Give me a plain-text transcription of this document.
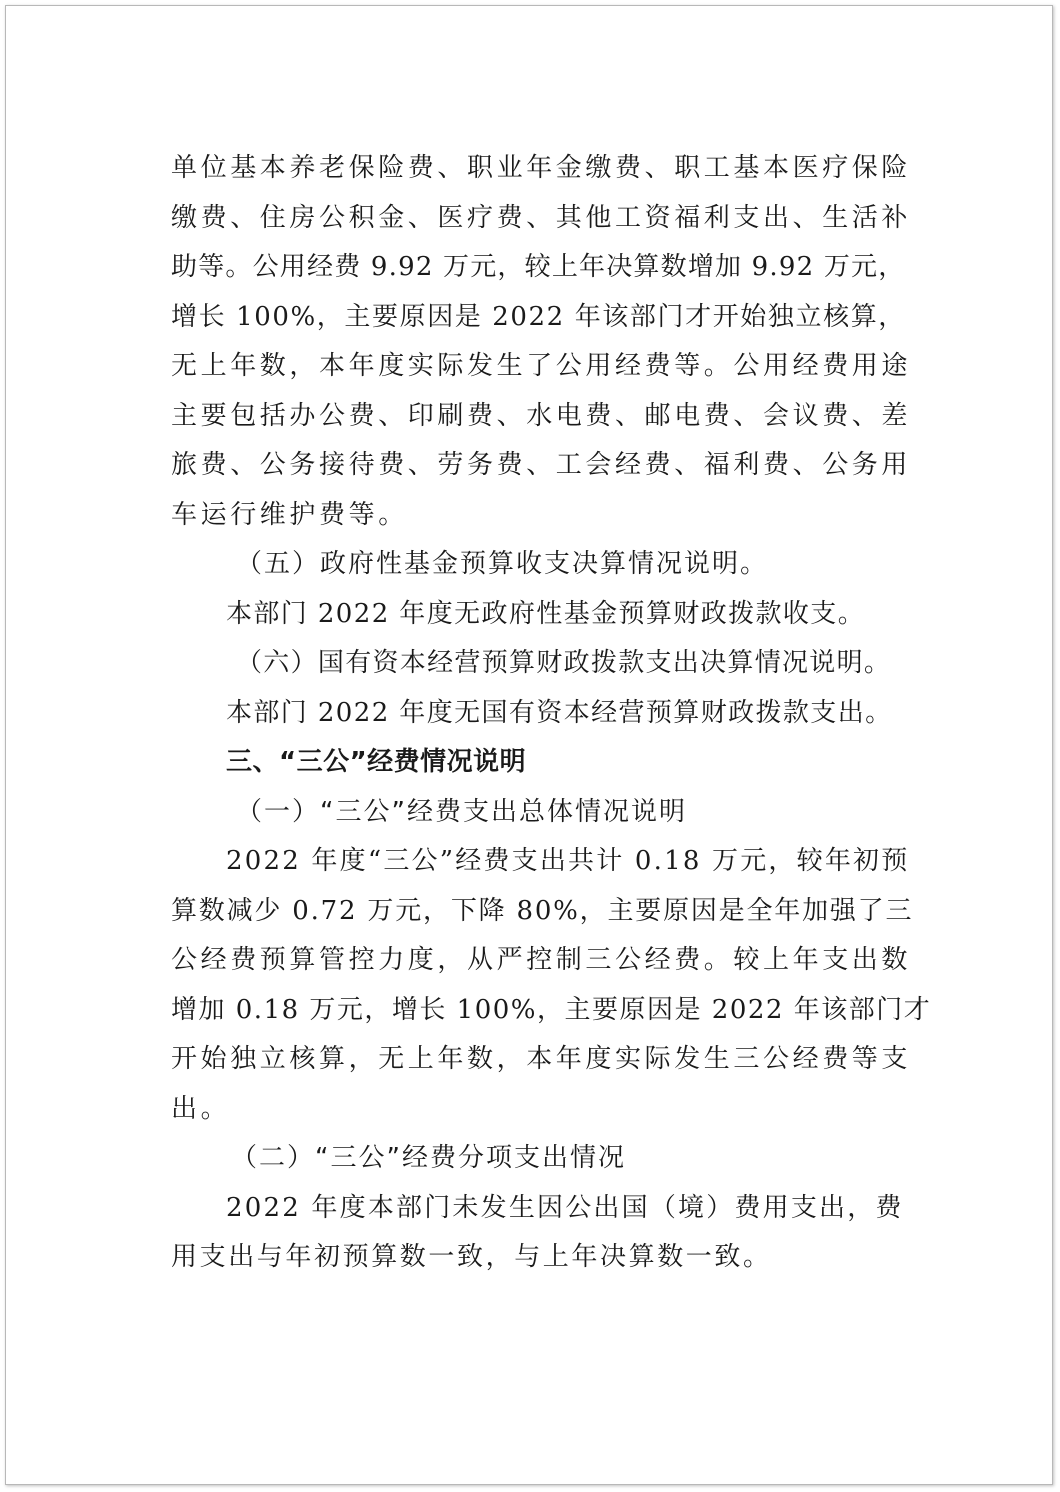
单位基本养老保险费、职业年金缴费、职工基本医疗保险
缴费、住房公积金、医疗费、其他工资福利支出、生活补
助等。公用经费 9.92 万元，较上年决算数增加 9.92 万元，
增长 100%，主要原因是 2022 年该部门才开始独立核算，
无上年数，本年度实际发生了公用经费等。公用经费用途
主要包括办公费、印刷费、水电费、邮电费、会议费、差
旅费、公务接待费、劳务费、工会经费、福利费、公务用
车运行维护费等。
（五）政府性基金预算收支决算情况说明。
本部门 2022 年度无政府性基金预算财政拨款收支。
（六）国有资本经营预算财政拨款支出决算情况说明。
本部门 2022 年度无国有资本经营预算财政拨款支出。
三、“三公”经费情况说明
（一）“三公”经费支出总体情况说明
2022 年度“三公”经费支出共计 0.18 万元，较年初预
算数减少 0.72 万元，下降 80%，主要原因是全年加强了三
公经费预算管控力度，从严控制三公经费。较上年支出数
增加 0.18 万元，增长 100%，主要原因是 2022 年该部门才
开始独立核算，无上年数，本年度实际发生三公经费等支
出。
（二）“三公”经费分项支出情况
2022 年度本部门未发生因公出国（境）费用支出，费
用支出与年初预算数一致，与上年决算数一致。
